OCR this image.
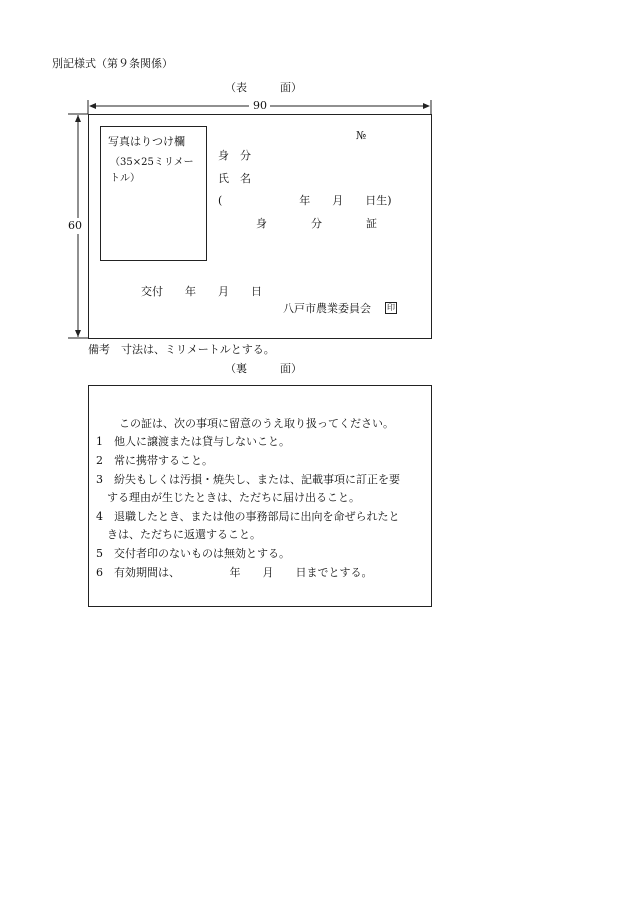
別記様式（第９条関係）
（表　　　面）
90
60
写真はりつけ欄
（35×25ミリメー
トル）
№
身　分
氏　名
(　　　　　　　年　　月　　日生)
身　　　　分　　　　証
交付　　年　　月　　日
八戸市農業委員会 印
備考　寸法は、ミリメートルとする。
（裏　　　面）
この証は、次の事項に留意のうえ取り扱ってください。
1　他人に譲渡または貸与しないこと。
2　常に携帯すること。
3　紛失もしくは汚損・焼失し、または、記載事項に訂正を要
　する理由が生じたときは、ただちに届け出ること。
4　退職したとき、または他の事務部局に出向を命ぜられたと
　きは、ただちに返還すること。
5　交付者印のないものは無効とする。
6　有効期間は、　　　　　年　　月　　日までとする。
